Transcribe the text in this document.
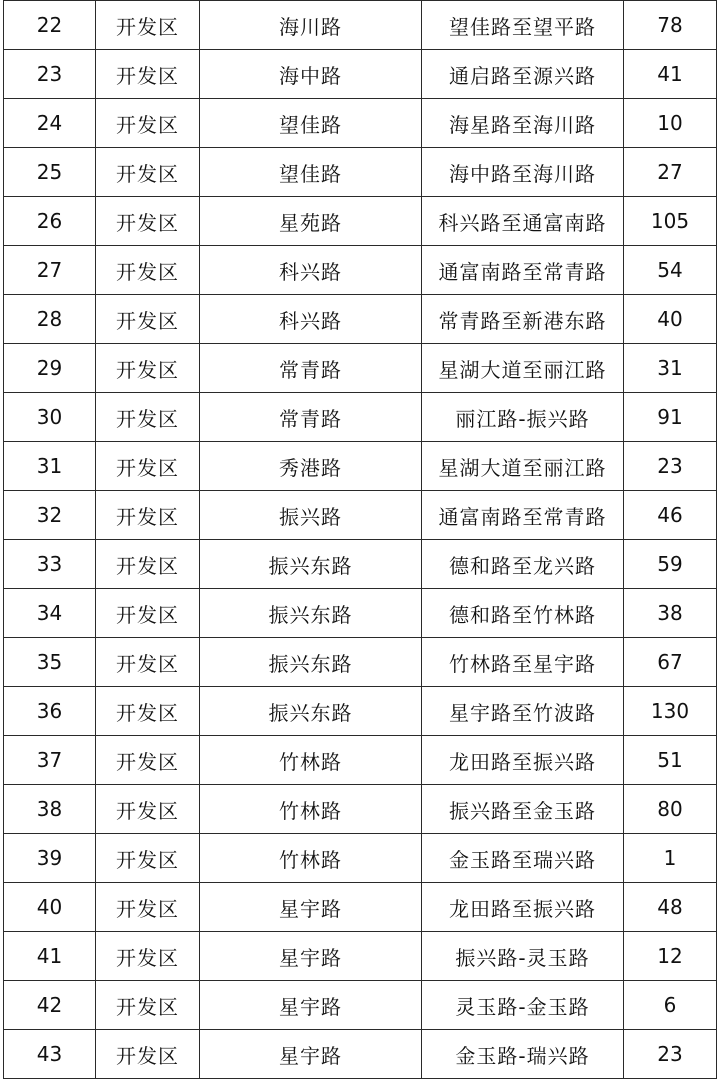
22	开发区	海川路	望佳路至望平路	78
23	开发区	海中路	通启路至源兴路	41
24	开发区	望佳路	海星路至海川路	10
25	开发区	望佳路	海中路至海川路	27
26	开发区	星苑路	科兴路至通富南路	105
27	开发区	科兴路	通富南路至常青路	54
28	开发区	科兴路	常青路至新港东路	40
29	开发区	常青路	星湖大道至丽江路	31
30	开发区	常青路	丽江路-振兴路	91
31	开发区	秀港路	星湖大道至丽江路	23
32	开发区	振兴路	通富南路至常青路	46
33	开发区	振兴东路	德和路至龙兴路	59
34	开发区	振兴东路	德和路至竹林路	38
35	开发区	振兴东路	竹林路至星宇路	67
36	开发区	振兴东路	星宇路至竹波路	130
37	开发区	竹林路	龙田路至振兴路	51
38	开发区	竹林路	振兴路至金玉路	80
39	开发区	竹林路	金玉路至瑞兴路	1
40	开发区	星宇路	龙田路至振兴路	48
41	开发区	星宇路	振兴路-灵玉路	12
42	开发区	星宇路	灵玉路-金玉路	6
43	开发区	星宇路	金玉路-瑞兴路	23
